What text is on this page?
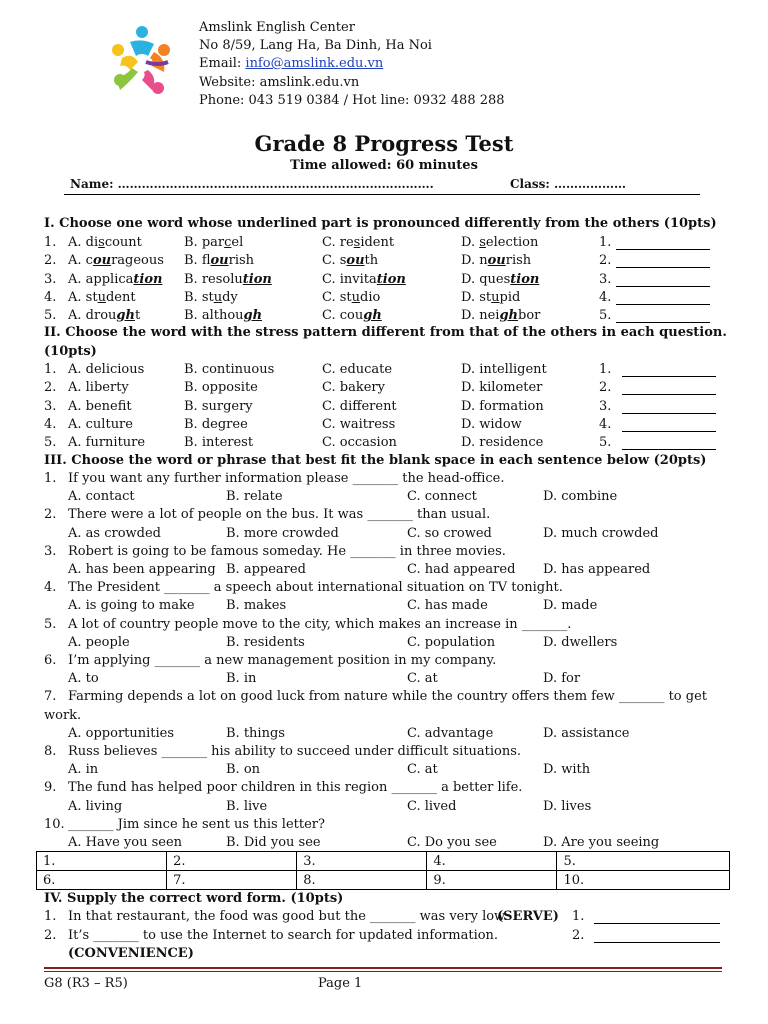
Amslink English Center
No 8/59, Lang Ha, Ba Dinh, Ha Noi
Email: info@amslink.edu.vn
Website: amslink.edu.vn
Phone: 043 519 0384 / Hot line: 0932 488 288
Grade 8 Progress Test
Time allowed: 60 minutes
Name: …………………………………………………………………….	Class: ………………
I. Choose one word whose underlined part is pronounced differently from the others (10pts)
1. A. discount	B. parcel	C. resident	D. selection	1.
2. A. courageous B. flourish	C. south	D. nourish	2.
3. A. application B. resolution	C. invitation	D. question	3.
4. A. student	B. study	C. studio	D. stupid	4.
5. A. drought	B. although	C. cough	D. neighbor	5.
II. Choose the word with the stress pattern different from that of the others in each question.
(10pts)
1. A. delicious	B. continuous	C. educate	D. intelligent	1.
2. A. liberty	B. opposite	C. bakery	D. kilometer	2.
3. A. benefit	B. surgery	C. different	D. formation	3.
4. A. culture	B. degree	C. waitress	D. widow	4.
5. A. furniture	B. interest	C. occasion	D. residence	5.
III. Choose the word or phrase that best fit the blank space in each sentence below (20pts)
1. If you want any further information please _______ the head-office.
A. contact	B. relate	C. connect	D. combine
2. There were a lot of people on the bus. It was _______ than usual.
A. as crowded	B. more crowded	C. so crowed	D. much crowded
3. Robert is going to be famous someday. He _______ in three movies.
A. has been appearing B. appeared	C. had appeared D. has appeared
4. The President _______ a speech about international situation on TV tonight.
A. is going to make B. makes	C. has made	D. made
5. A lot of country people move to the city, which makes an increase in _______.
A. people	B. residents	C. population	D. dwellers
6. I’m applying _______ a new management position in my company.
A. to	B. in	C. at	D. for
7. Farming depends a lot on good luck from nature while the country offers them few _______ to get
work.
A. opportunities	B. things	C. advantage	D. assistance
8. Russ believes _______ his ability to succeed under difficult situations.
A. in	B. on	C. at	D. with
9. The fund has helped poor children in this region _______ a better life.
A. living	B. live	C. lived	D. lives
10. _______ Jim since he sent us this letter?
A. Have you seen	B. Did you see	C. Do you see	D. Are you seeing
1.	2.	3.	4.	5.
6.	7.	8.	9.	10.
IV. Supply the correct word form. (10pts)
1. In that restaurant, the food was good but the _______ was very low.
(SERVE) 1.
2. It’s _______ to use the Internet to search for updated information.
(CONVENIENCE)
2.
G8 (R3 – R5)	Page 1
